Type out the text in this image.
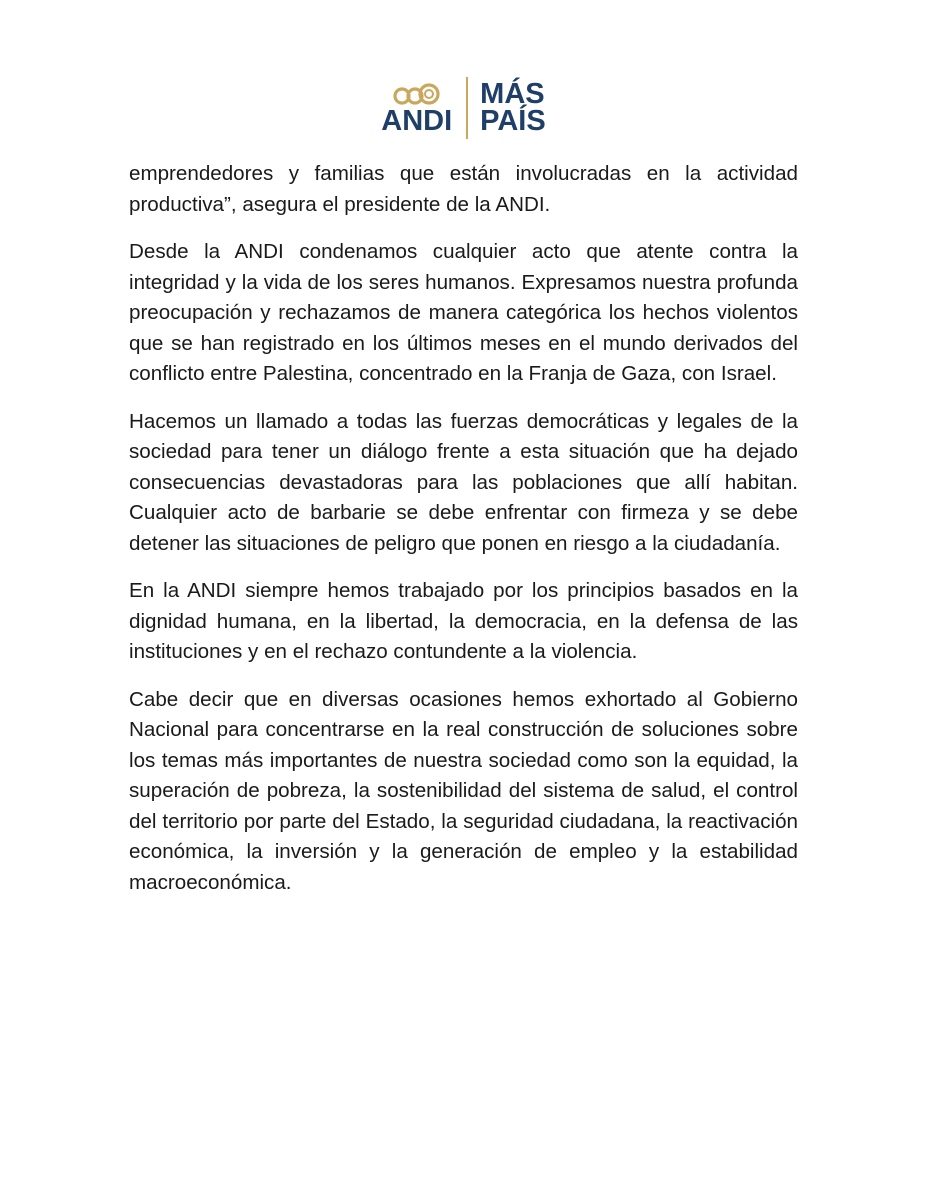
ANDI
MÁS
PAÍS

emprendedores y familias que están involucradas en la actividad productiva”, asegura el presidente de la ANDI.

Desde la ANDI condenamos cualquier acto que atente contra la integridad y la vida de los seres humanos. Expresamos nuestra profunda preocupación y rechazamos de manera categórica los hechos violentos que se han registrado en los últimos meses en el mundo derivados del conflicto entre Palestina, concentrado en la Franja de Gaza, con Israel.

Hacemos un llamado a todas las fuerzas democráticas y legales de la sociedad para tener un diálogo frente a esta situación que ha dejado consecuencias devastadoras para las poblaciones que allí habitan. Cualquier acto de barbarie se debe enfrentar con firmeza y se debe detener las situaciones de peligro que ponen en riesgo a la ciudadanía.

En la ANDI siempre hemos trabajado por los principios basados en la dignidad humana, en la libertad, la democracia, en la defensa de las instituciones y en el rechazo contundente a la violencia.

Cabe decir que en diversas ocasiones hemos exhortado al Gobierno Nacional para concentrarse en la real construcción de soluciones sobre los temas más importantes de nuestra sociedad como son la equidad, la superación de pobreza, la sostenibilidad del sistema de salud, el control del territorio por parte del Estado, la seguridad ciudadana, la reactivación económica, la inversión y la generación de empleo y la estabilidad macroeconómica.
